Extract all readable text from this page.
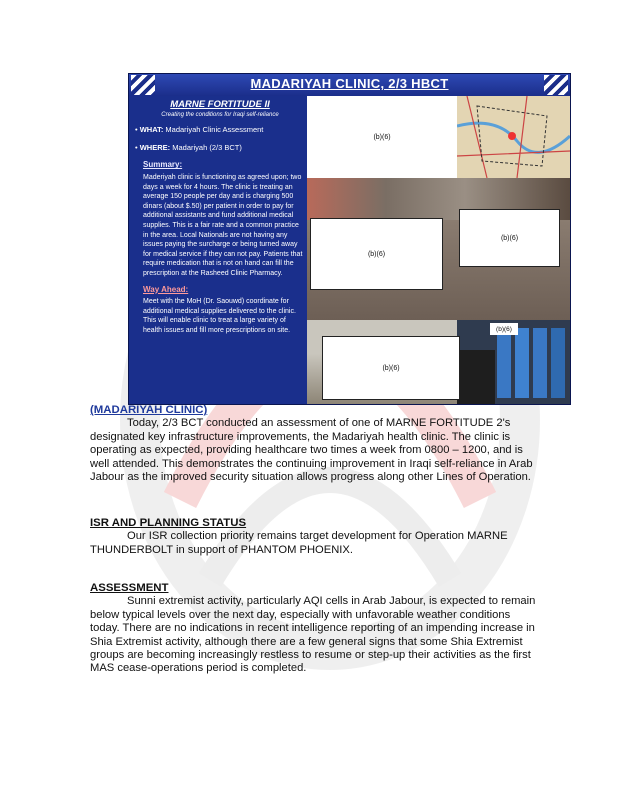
MADARIYAH CLINIC, 2/3 HBCT
MARNE FORTITUDE II
Creating the conditions for Iraqi self-reliance
• WHAT: Madariyah Clinic Assessment
• WHERE: Madariyah (2/3 BCT)
Summary:
Maderiyah clinic is functioning as agreed upon; two days a week for 4 hours. The clinic is treating an average 150 people per day and is charging 500 dinars (about $.50) per patient in order to pay for additional assistants and fund additional medical supplies. This is a fair rate and a common practice in the area. Local Nationals are not having any issues paying the surcharge or being turned away for medical service if they can not pay. Patients that require medication that is not on hand can fill the prescription at the Rasheed Clinic Pharmacy.
Way Ahead:
Meet with the MoH (Dr. Saouwd) coordinate for additional medical supplies delivered to the clinic. This will enable clinic to treat a large variety of health issues and fill more prescriptions on site.
(b)(6)
(b)(6)
(b)(6)
(b)(6)
(b)(6)
(MADARIYAH CLINIC)
Today, 2/3 BCT conducted an assessment of one of MARNE FORTITUDE 2's designated key infrastructure improvements, the Madariyah health clinic. The clinic is operating as expected, providing healthcare two times a week from 0800 – 1200, and is well attended. This demonstrates the continuing improvement in Iraqi self-reliance in Arab Jabour as the improved security situation allows progress along other Lines of Operation.
ISR AND PLANNING STATUS
Our ISR collection priority remains target development for Operation MARNE THUNDERBOLT in support of PHANTOM PHOENIX.
ASSESSMENT
Sunni extremist activity, particularly AQI cells in Arab Jabour, is expected to remain below typical levels over the next day, especially with unfavorable weather conditions today. There are no indications in recent intelligence reporting of an impending increase in Shia Extremist activity, although there are a few general signs that some Shia Extremist groups are becoming increasingly restless to resume or step-up their activities as the first MAS cease-operations period is completed.
